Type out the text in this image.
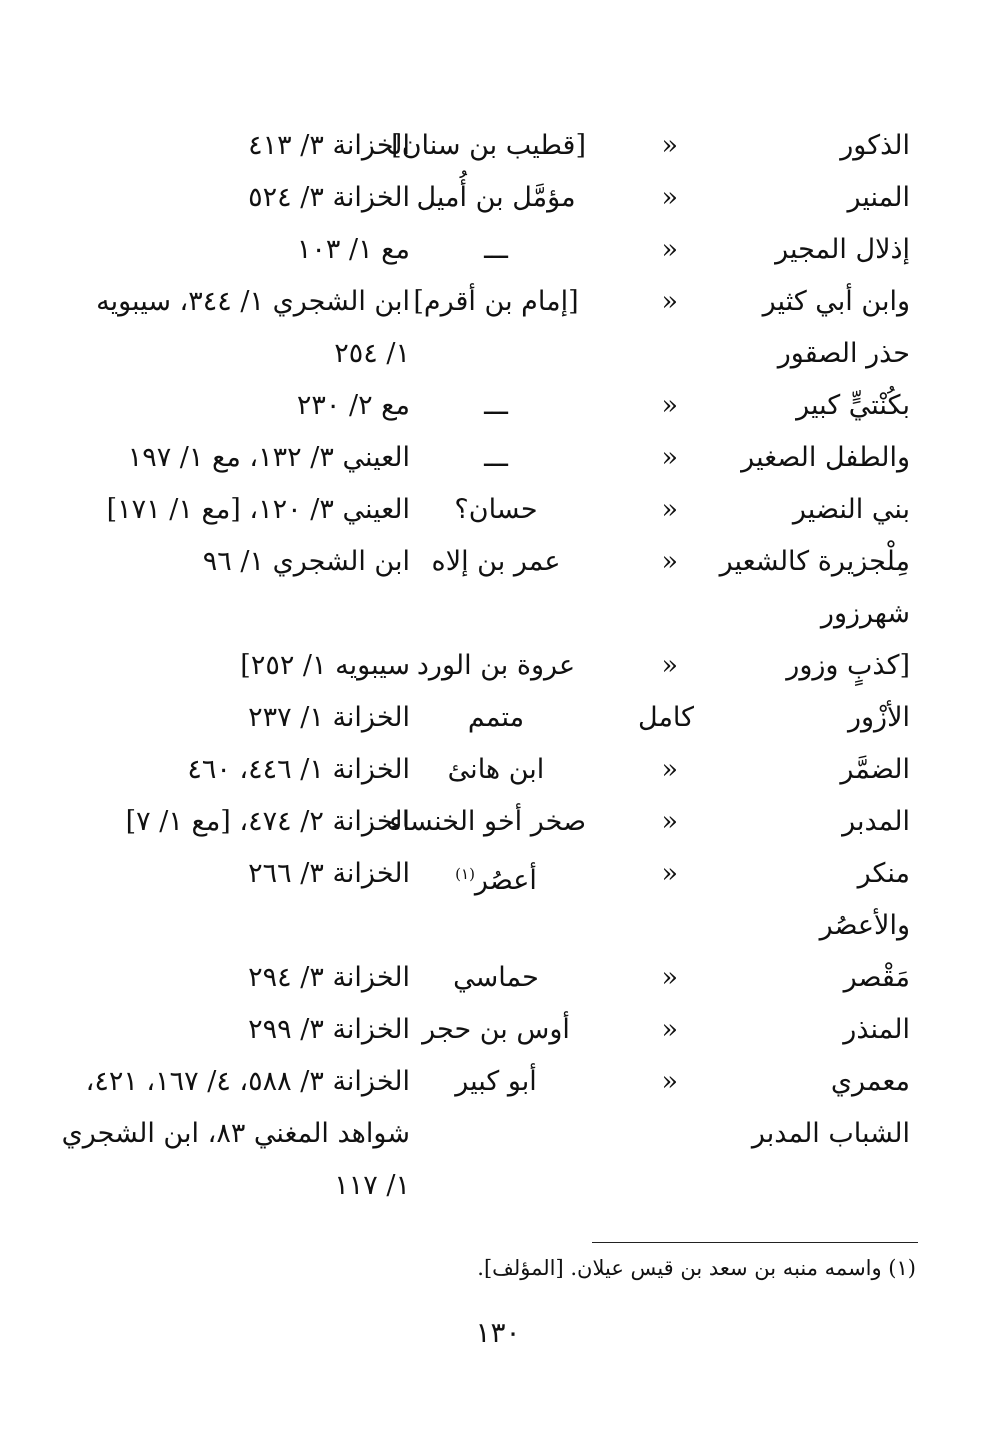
الذكور
«
[قطيب بن سنان]
الخزانة ٣/ ٤١٣
المنير
«
مؤمَّل بن أُميل
الخزانة ٣/ ٥٢٤
إذلال المجير
«
ـــ
مع ١/ ١٠٣
وابن أبي كثير
«
[إمام بن أقرم]
ابن الشجري ١/ ٣٤٤، سيبويه
حذر الصقور
١/ ٢٥٤
بكُنْتيٍّ كبير
«
ـــ
مع ٢/ ٢٣٠
والطفل الصغير
«
ـــ
العيني ٣/ ١٣٢، مع ١/ ١٩٧
بني النضير
«
حسان؟
العيني ٣/ ١٢٠، [مع ١/ ١٧١]
مِلْجزيرة كالشعير
«
عمر بن إلاه
ابن الشجري ١/ ٩٦
شهرزور
[كذبٍ وزور
«
عروة بن الورد
سيبويه ١/ ٢٥٢]
الأزْور
كامل
متمم
الخزانة ١/ ٢٣٧
الضمَّر
«
ابن هانئ
الخزانة ١/ ٤٤٦، ٤٦٠
المدبر
«
صخر أخو الخنساء
الخزانة ٢/ ٤٧٤، [مع ١/ ٧]
منكر
«
أعصُر$^{(١)}$
الخزانة ٣/ ٢٦٦
والأعصُر
مَقْصر
«
حماسي
الخزانة ٣/ ٢٩٤
المنذر
«
أوس بن حجر
الخزانة ٣/ ٢٩٩
معمري
«
أبو كبير
الخزانة ٣/ ٥٨٨، ٤/ ١٦٧، ٤٢١،
الشباب المدبر
شواهد المغني ٨٣، ابن الشجري
١/ ١١٧
(١) واسمه منبه بن سعد بن قيس عيلان. [المؤلف].
١٣٠
